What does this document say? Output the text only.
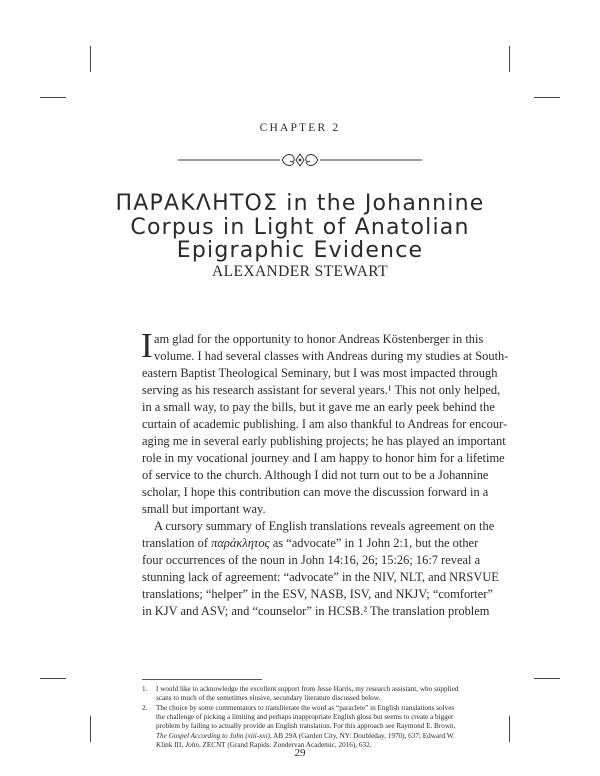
CHAPTER 2
ΠΑΡΑΚΛΗΤΟΣ in the Johannine
Corpus in Light of Anatolian
Epigraphic Evidence
ALEXANDER STEWART
I am glad for the opportunity to honor Andreas Köstenberger in this
volume. I had several classes with Andreas during my studies at South-
eastern Baptist Theological Seminary, but I was most impacted through
serving as his research assistant for several years.¹ This not only helped,
in a small way, to pay the bills, but it gave me an early peek behind the
curtain of academic publishing. I am also thankful to Andreas for encour-
aging me in several early publishing projects; he has played an important
role in my vocational journey and I am happy to honor him for a lifetime
of service to the church. Although I did not turn out to be a Johannine
scholar, I hope this contribution can move the discussion forward in a
small but important way.
A cursory summary of English translations reveals agreement on the
translation of παράκλητος as “advocate” in 1 John 2:1, but the other
four occurrences of the noun in John 14:16, 26; 15:26; 16:7 reveal a
stunning lack of agreement: “advocate” in the NIV, NLT, and NRSVUE
translations; “helper” in the ESV, NASB, ISV, and NKJV; “comforter”
in KJV and ASV; and “counselor” in HCSB.² The translation problem
1. I would like to acknowledge the excellent support from Jesse Harris, my research assistant, who supplied
scans to much of the sometimes elusive, secondary literature discussed below.
2. The choice by some commentators to transliterate the word as “paraclete” in English translations solves
the challenge of picking a limiting and perhaps inappropriate English gloss but seems to create a bigger
problem by failing to actually provide an English translation. For this approach see Raymond E. Brown,
The Gospel According to John (xiii-xxi), AB 29A (Garden City, NY: Doubleday, 1970), 637; Edward W.
Klink III, John, ZECNT (Grand Rapids: Zondervan Academic, 2016), 632.
29
